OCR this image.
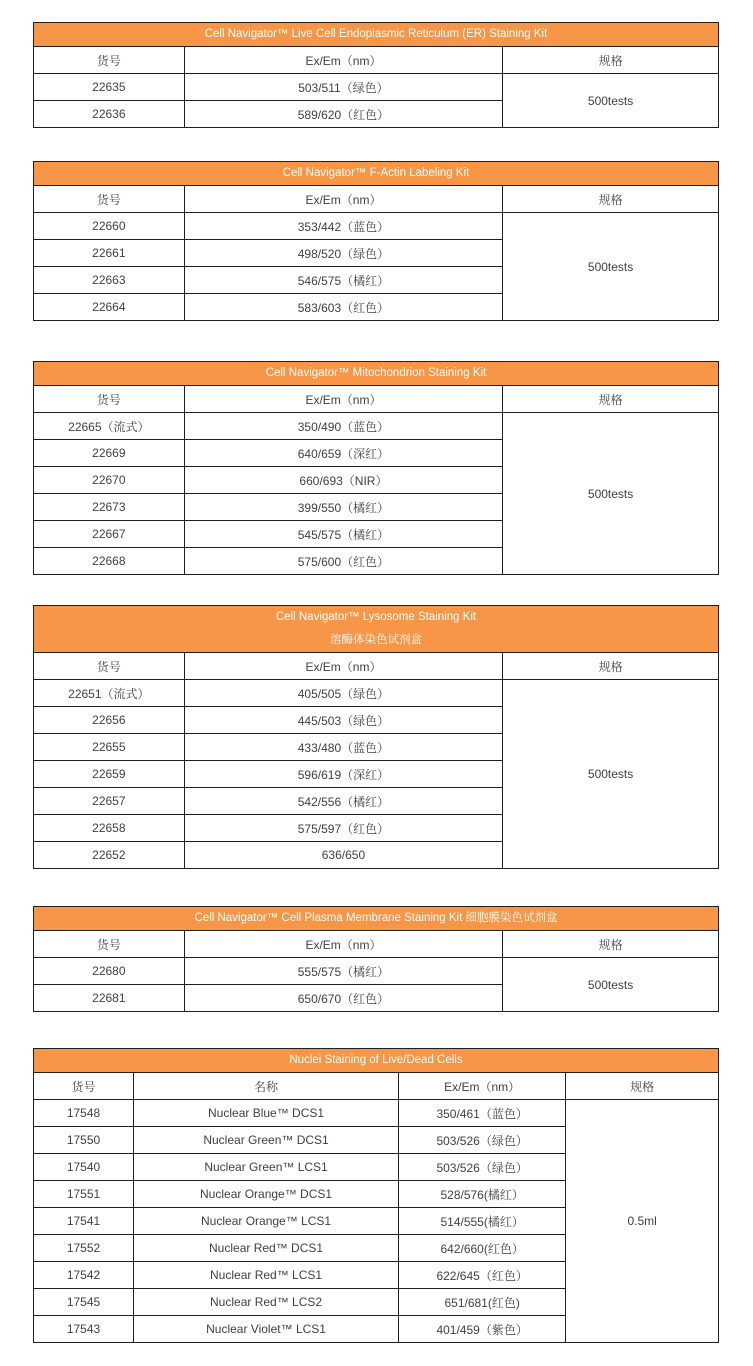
Cell Navigator™ Live Cell Endoplasmic Reticulum (ER) Staining Kit		

货号	Ex/Em（nm）	规格
22635	503/511（绿色）	500tests
22636	589/620（红色）	
Cell Navigator™ F-Actin Labeling Kit		

货号	Ex/Em（nm）	规格
22660	353/442（蓝色）	500tests
22661	498/520（绿色）	
22663	546/575（橘红）	
22664	583/603（红色）	
Cell Navigator™ Mitochondrion Staining Kit		

货号	Ex/Em（nm）	规格
22665（流式）	350/490（蓝色）	500tests
22669	640/659（深红）	
22670	660/693（NIR）	
22673	399/550（橘红）	
22667	545/575（橘红）	
22668	575/600（红色）	
Cell Navigator™ Lysosome Staining Kit
溶酶体染色试剂盒		

货号	Ex/Em（nm）	规格
22651（流式）	405/505（绿色）	500tests
22656	445/503（绿色）	
22655	433/480（蓝色）	
22659	596/619（深红）	
22657	542/556（橘红）	
22658	575/597（红色）	
22652	636/650	
Cell Navigator™ Cell Plasma Membrane Staining Kit 细胞膜染色试剂盒		

货号	Ex/Em（nm）	规格
22680	555/575（橘红）	500tests
22681	650/670（红色）	
Nuclei Staining of Live/Dead Cells			

货号	名称	Ex/Em（nm）	规格
17548	Nuclear Blue™ DCS1	350/461（蓝色）	0.5ml
17550	Nuclear Green™ DCS1	503/526（绿色）	
17540	Nuclear Green™ LCS1	503/526（绿色）	
17551	Nuclear Orange™ DCS1	528/576(橘红）	
17541	Nuclear Orange™ LCS1	514/555(橘红）	
17552	Nuclear Red™ DCS1	642/660(红色）	
17542	Nuclear Red™ LCS1	622/645（红色）	
17545	Nuclear Red™ LCS2	651/681(红色)	
17543	Nuclear Violet™ LCS1	401/459（紫色）	
